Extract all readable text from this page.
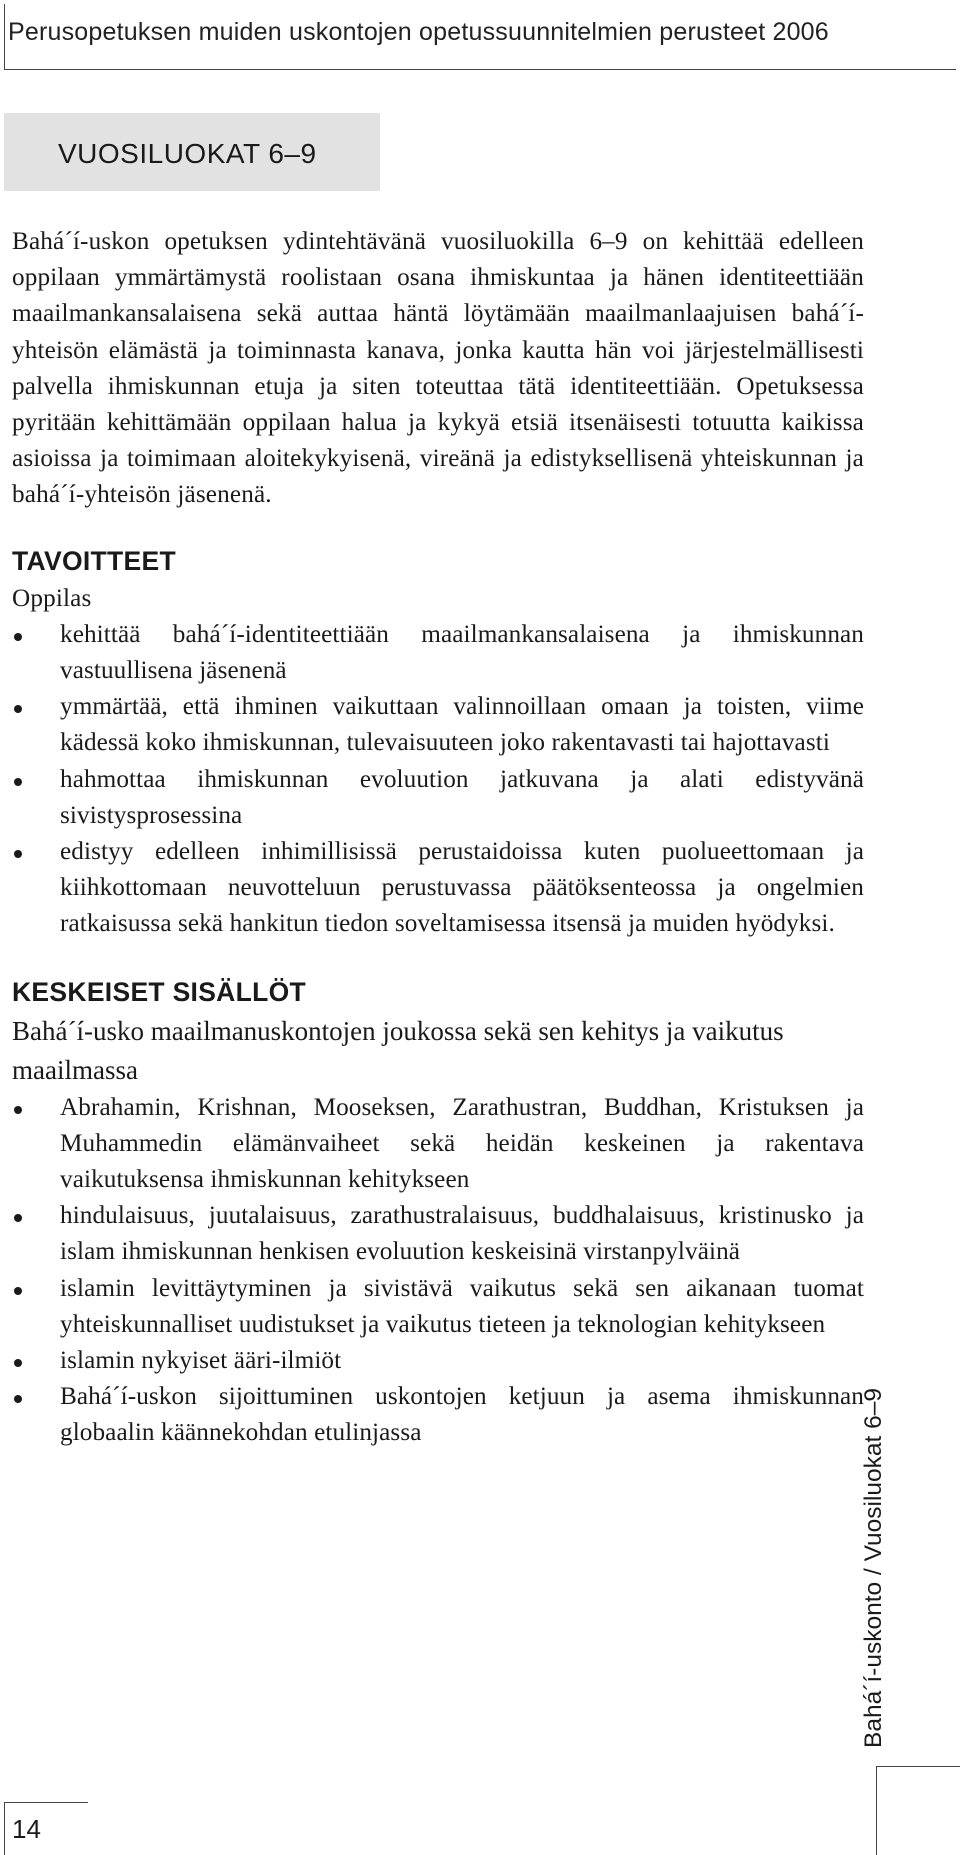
Perusopetuksen muiden uskontojen opetussuunnitelmien perusteet 2006
VUOSILUOKAT 6–9

Bahá´í-uskon opetuksen ydintehtävänä vuosiluokilla 6–9 on kehittää edelleen oppilaan ymmärtämystä roolistaan osana ihmiskuntaa ja hänen identiteettiään maailmankansalaisena sekä auttaa häntä löytämään maailmanlaajuisen bahá´í-yhteisön elämästä ja toiminnasta kanava, jonka kautta hän voi järjestelmällisesti palvella ihmiskunnan etuja ja siten toteuttaa tätä identiteettiään. Opetuksessa pyritään kehittämään oppilaan halua ja kykyä etsiä itsenäisesti totuutta kaikissa asioissa ja toimimaan aloitekykyisenä, vireänä ja edistyksellisenä yhteiskunnan ja bahá´í-yhteisön jäsenenä.

TAVOITTEET

Oppilas

kehittää bahá´í-identiteettiään maailmankansalaisena ja ihmiskunnan vastuullisena jäsenenä
ymmärtää, että ihminen vaikuttaan valinnoillaan omaan ja toisten, viime kädessä koko ihmiskunnan, tulevaisuuteen joko rakentavasti tai hajottavasti
hahmottaa ihmiskunnan evoluution jatkuvana ja alati edistyvänä sivistysprosessina
edistyy edelleen inhimillisissä perustaidoissa kuten puolueettomaan ja kiihkottomaan neuvotteluun perustuvassa päätöksenteossa ja ongelmien ratkaisussa sekä hankitun tiedon soveltamisessa itsensä ja muiden hyödyksi.
KESKEISET SISÄLLÖT

Bahá´í-usko maailmanuskontojen joukossa sekä sen kehitys ja vaikutus maailmassa

Abrahamin, Krishnan, Mooseksen, Zarathustran, Buddhan, Kristuksen ja Muhammedin elämänvaiheet sekä heidän keskeinen ja rakentava vaikutuksensa ihmiskunnan kehitykseen
hindulaisuus, juutalaisuus, zarathustralaisuus, buddhalaisuus, kristinusko ja islam ihmiskunnan henkisen evoluution keskeisinä virstanpylväinä
islamin levittäytyminen ja sivistävä vaikutus sekä sen aikanaan tuomat yhteiskunnalliset uudistukset ja vaikutus tieteen ja teknologian kehitykseen
islamin nykyiset ääri-ilmiöt
Bahá´í-uskon sijoittuminen uskontojen ketjuun ja asema ihmiskunnan globaalin käännekohdan etulinjassa	Bahá´í-uskonto / Vuosiluokat 6–9
14
